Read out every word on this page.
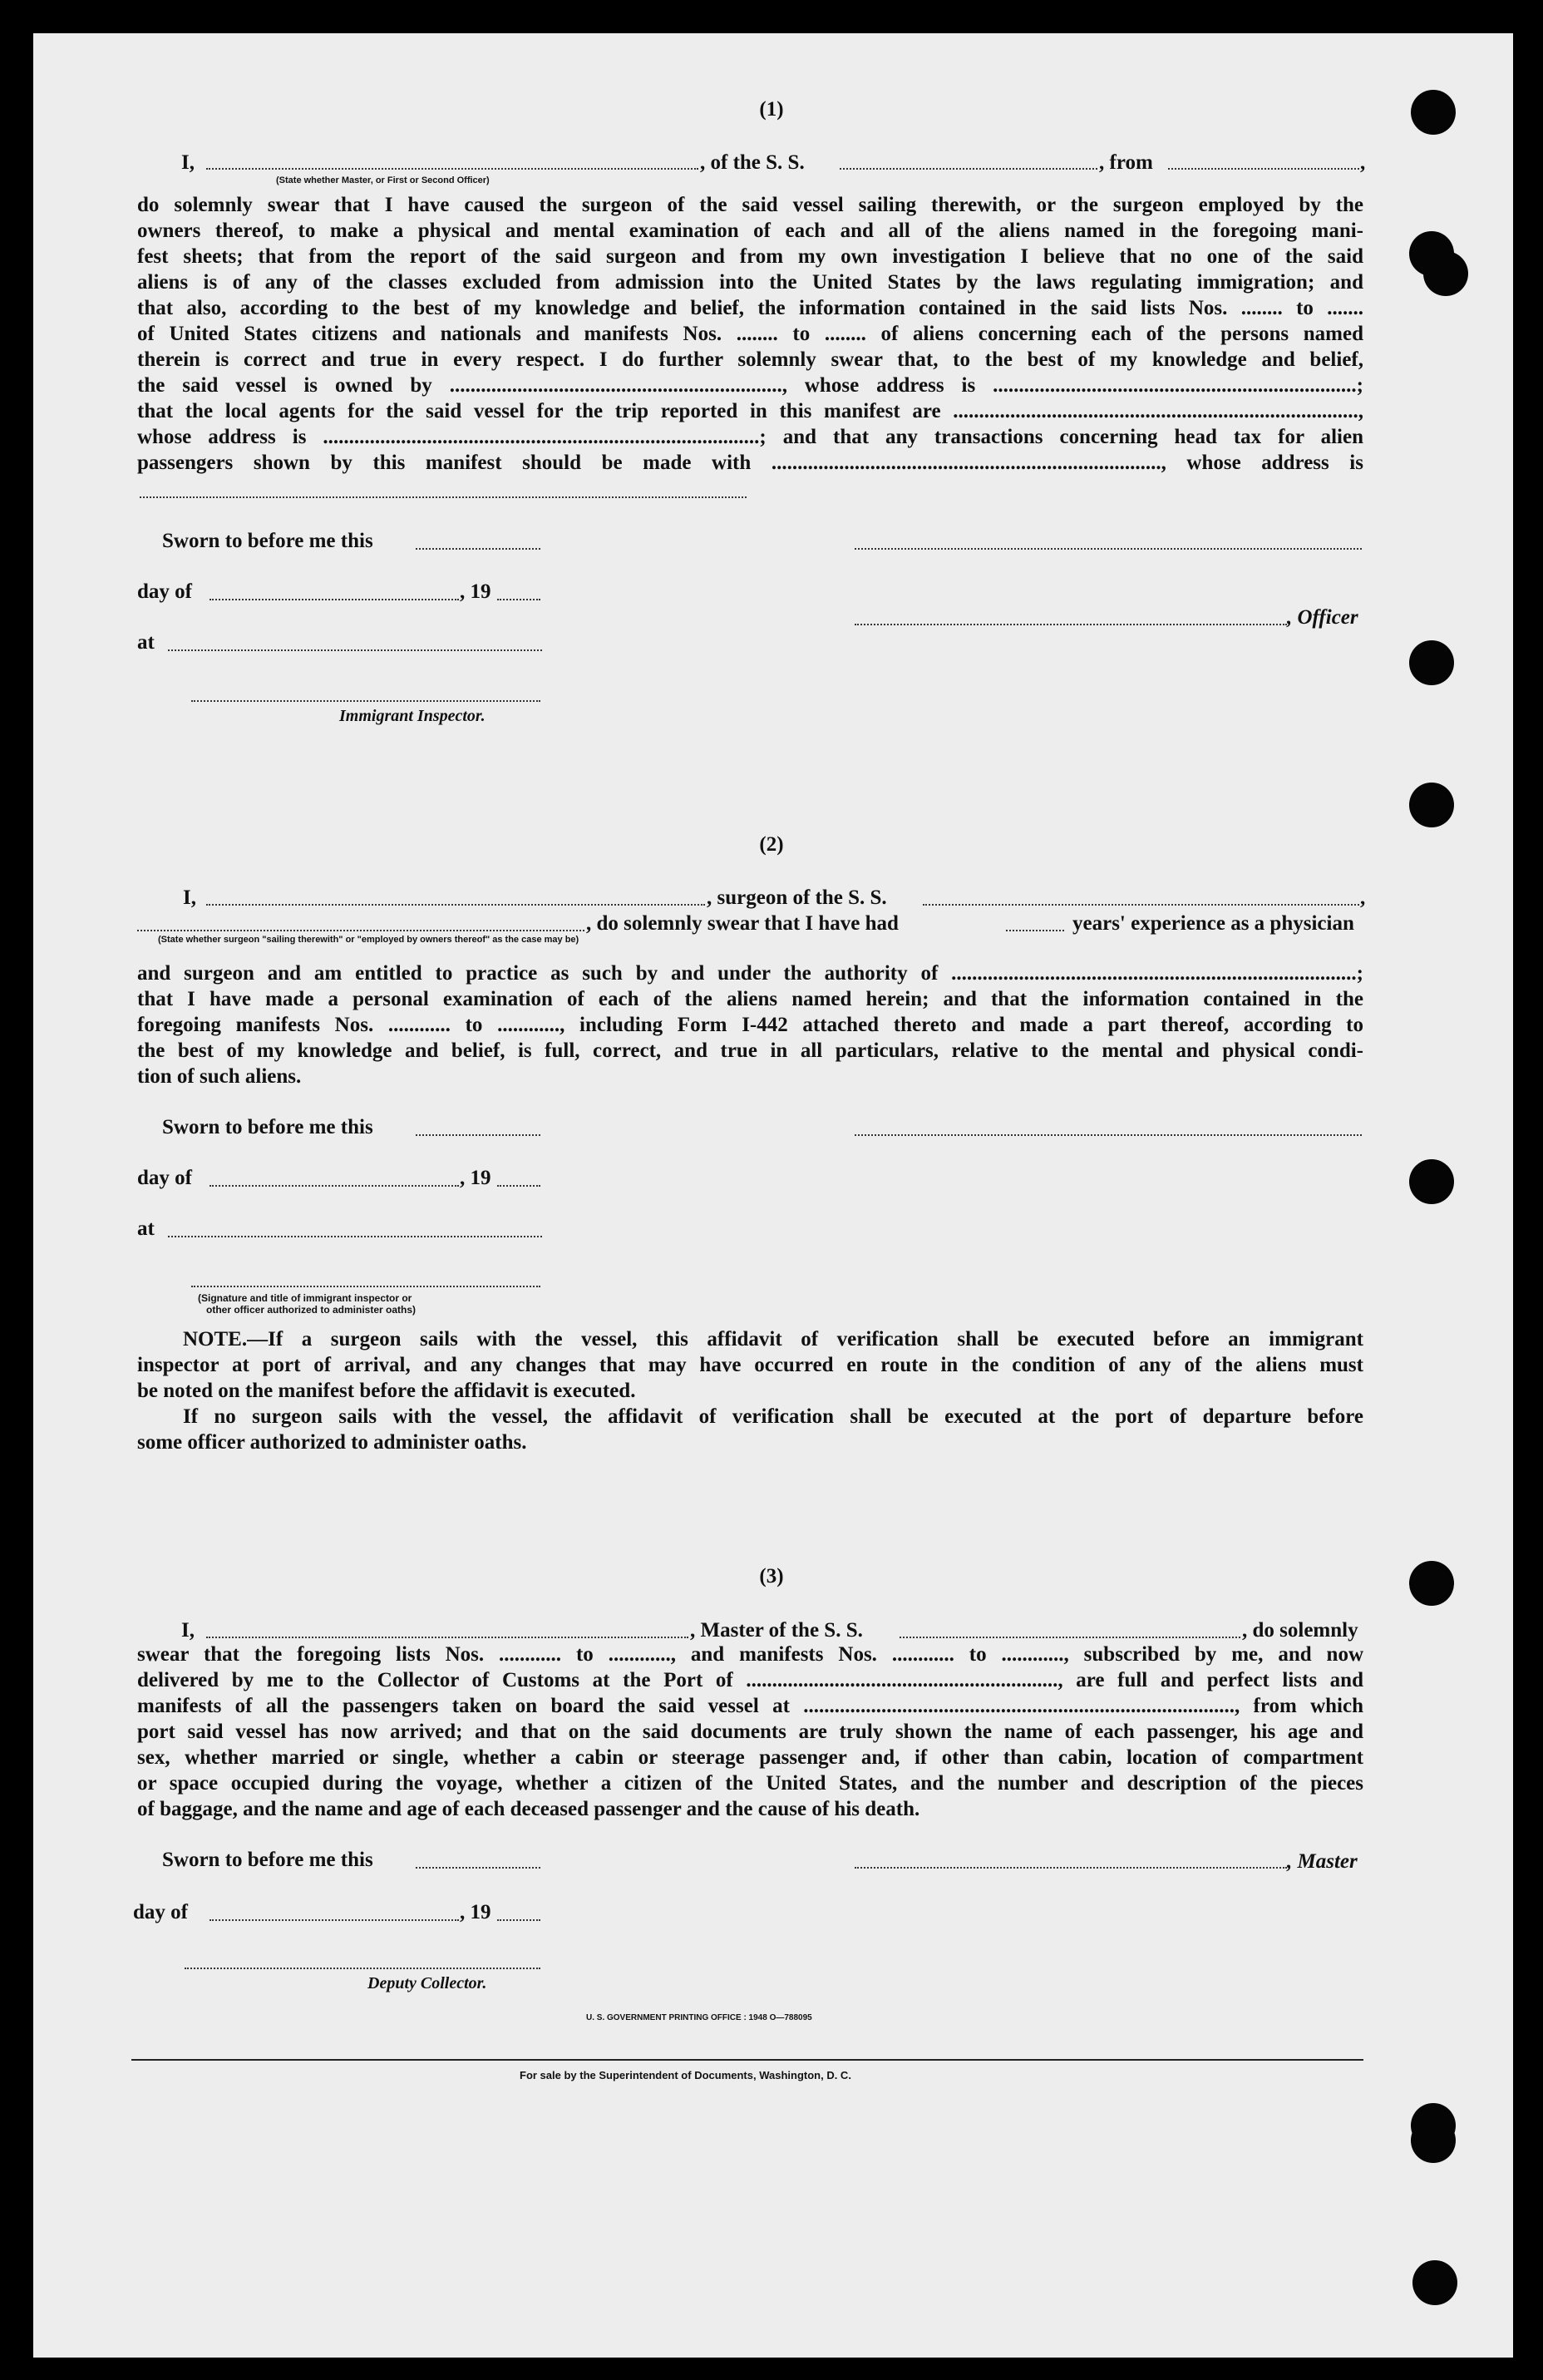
(1)
I,	, of the S. S.	, from	,
(State whether Master, or First or Second Officer)
do solemnly swear that I have caused the surgeon of the said vessel sailing therewith, or the surgeon employed by the
owners thereof, to make a physical and mental examination of each and all of the aliens named in the foregoing mani-
fest sheets; that from the report of the said surgeon and from my own investigation I believe that no one of the said
aliens is of any of the classes excluded from admission into the United States by the laws regulating immigration; and
that also, according to the best of my knowledge and belief, the information contained in the said lists Nos. ........ to .......
of United States citizens and nationals and manifests Nos. ........ to ........ of aliens concerning each of the persons named
therein is correct and true in every respect. I do further solemnly swear that, to the best of my knowledge and belief,
the said vessel is owned by ................................................................, whose address is ......................................................................;
that the local agents for the said vessel for the trip reported in this manifest are ..............................................................................,
whose address is ....................................................................................; and that any transactions concerning head tax for alien
passengers shown by this manifest should be made with ..........................................................................., whose address is
Sworn to before me this
day of	, 19
, Officer
at
Immigrant Inspector.
(2)
I,	, surgeon of the S. S.	,
, do solemnly swear that I have had	years' experience as a physician
(State whether surgeon "sailing therewith" or "employed by owners thereof" as the case may be)
and surgeon and am entitled to practice as such by and under the authority of ..............................................................................;
that I have made a personal examination of each of the aliens named herein; and that the information contained in the
foregoing manifests Nos. ............ to ............, including Form I-442 attached thereto and made a part thereof, according to
the best of my knowledge and belief, is full, correct, and true in all particulars, relative to the mental and physical condi-
tion of such aliens.
Sworn to before me this
day of	, 19
at
(Signature and title of immigrant inspector or
other officer authorized to administer oaths)
NOTE.—If a surgeon sails with the vessel, this affidavit of verification shall be executed before an immigrant
inspector at port of arrival, and any changes that may have occurred en route in the condition of any of the aliens must
be noted on the manifest before the affidavit is executed.
If no surgeon sails with the vessel, the affidavit of verification shall be executed at the port of departure before
some officer authorized to administer oaths.
(3)
I,	, Master of the S. S.	, do solemnly
swear that the foregoing lists Nos. ............ to ............, and manifests Nos. ............ to ............, subscribed by me, and now
delivered by me to the Collector of Customs at the Port of ............................................................, are full and perfect lists and
manifests of all the passengers taken on board the said vessel at ..................................................................................., from which
port said vessel has now arrived; and that on the said documents are truly shown the name of each passenger, his age and
sex, whether married or single, whether a cabin or steerage passenger and, if other than cabin, location of compartment
or space occupied during the voyage, whether a citizen of the United States, and the number and description of the pieces
of baggage, and the name and age of each deceased passenger and the cause of his death.
Sworn to before me this	, Master
day of	, 19
Deputy Collector.
U. S. GOVERNMENT PRINTING OFFICE : 1948 O—788095
For sale by the Superintendent of Documents, Washington, D. C.
